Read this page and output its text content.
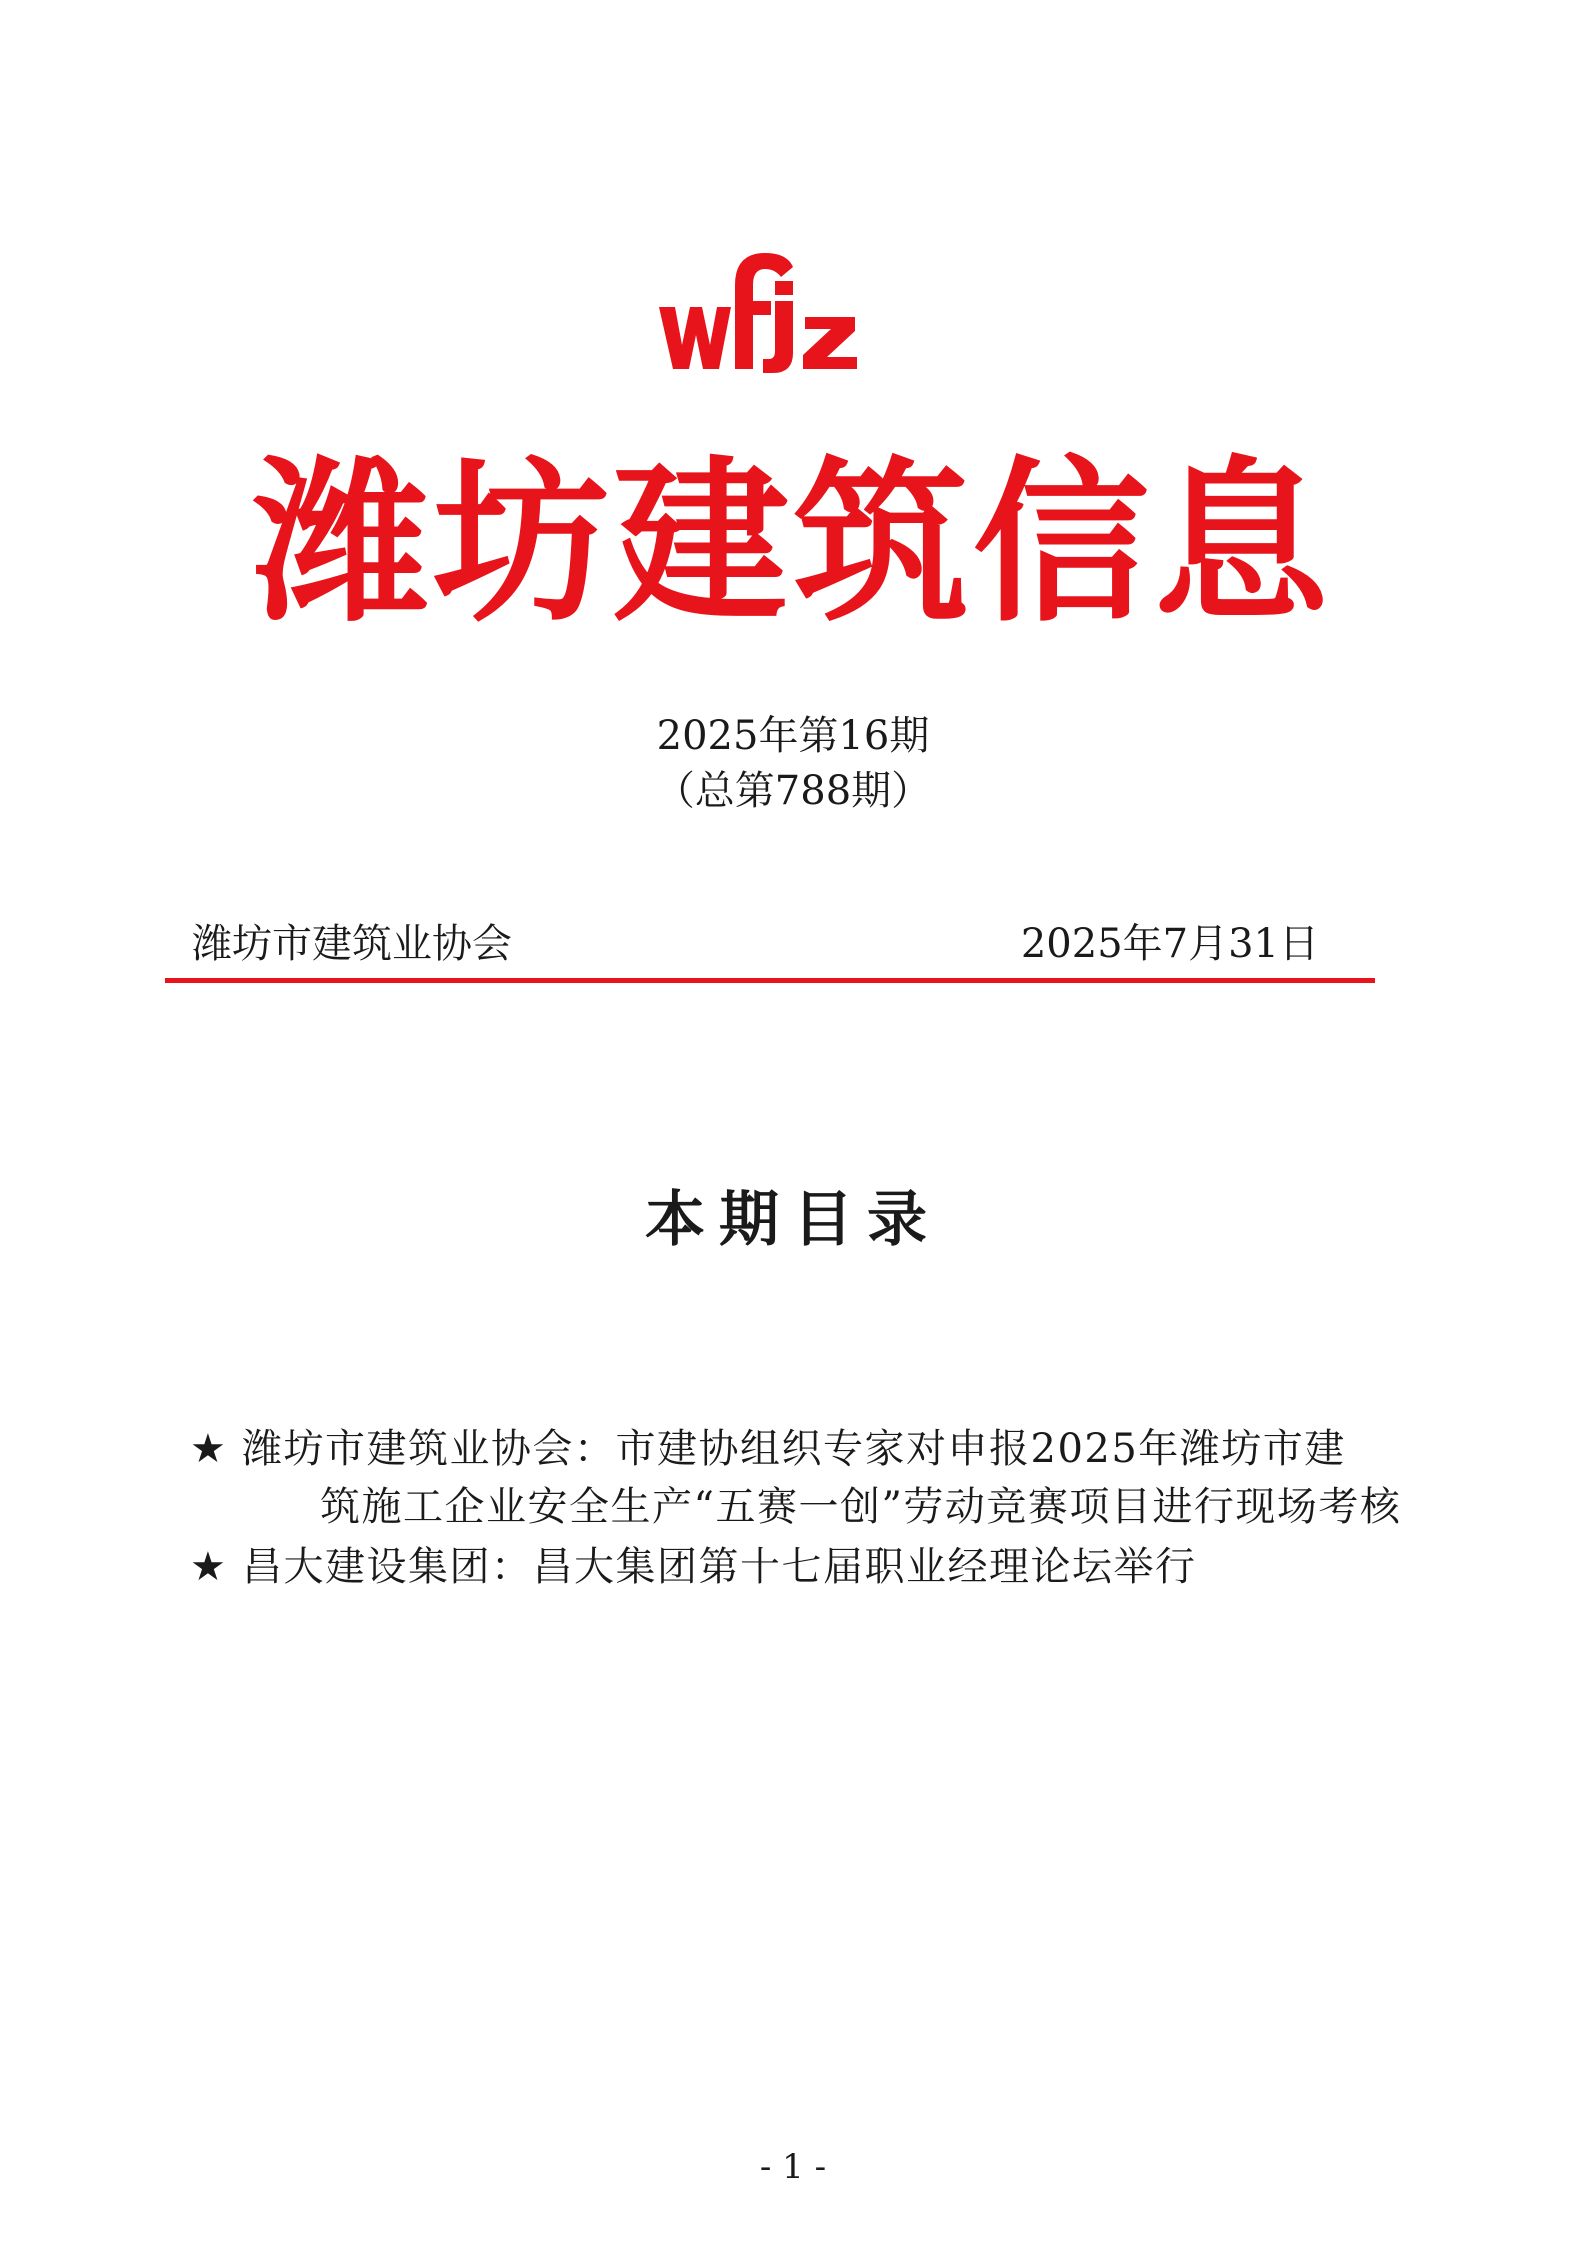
潍坊建筑信息
2025年第16期
（总第788期）
潍坊市建筑业协会	2025年7月31日
本期目录
★ 潍坊市建筑业协会：市建协组织专家对申报2025年潍坊市建
筑施工企业安全生产“五赛一创”劳动竞赛项目进行现场考核
★ 昌大建设集团：昌大集团第十七届职业经理论坛举行
- 1 -
